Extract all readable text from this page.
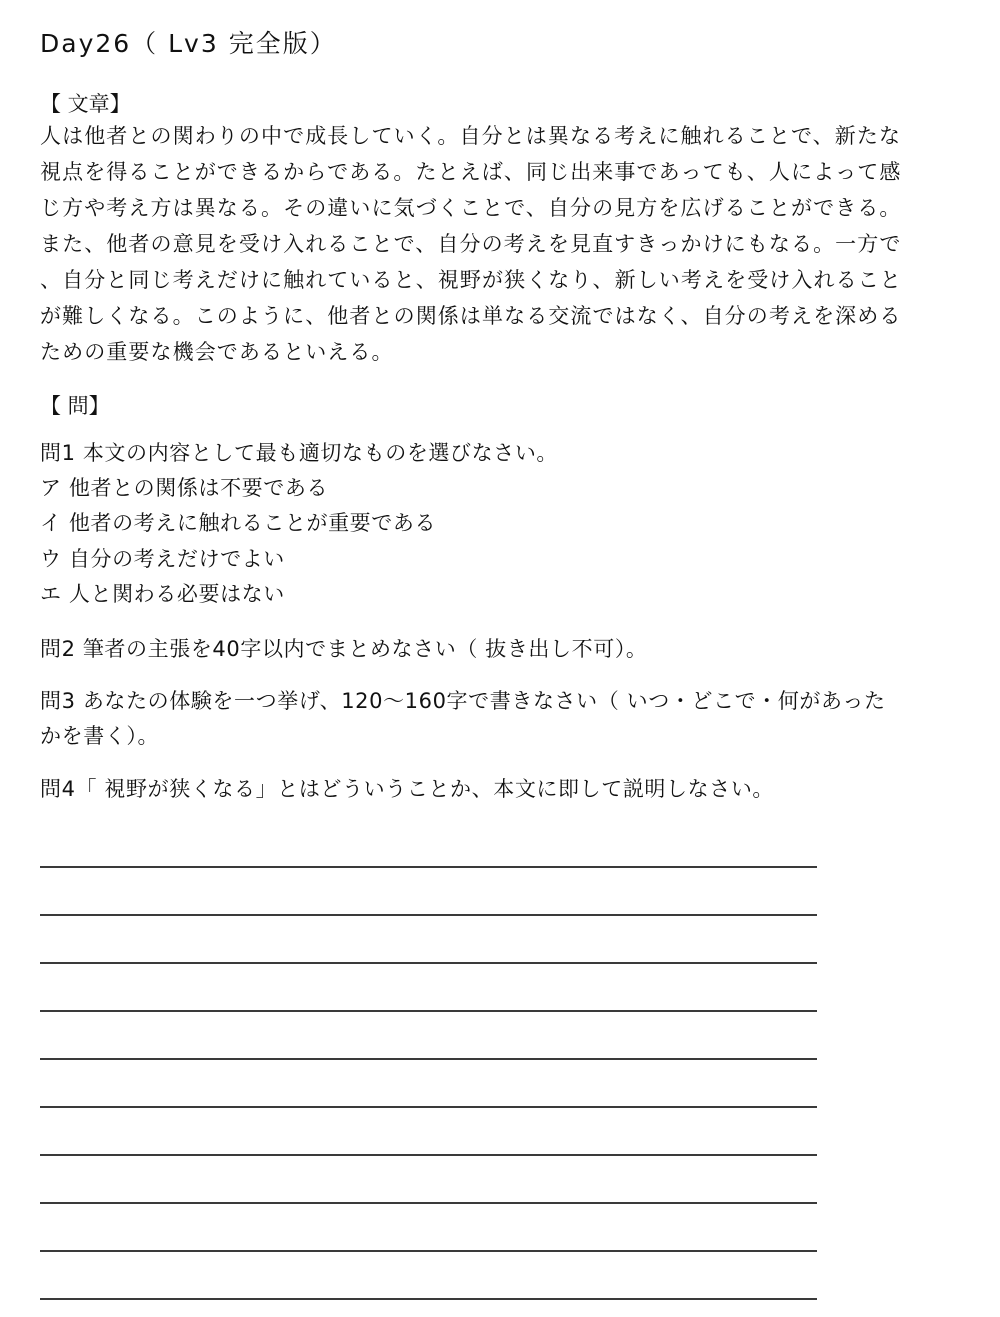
Day26（ Lv3 完全版）
【 文章】
人は他者との関わりの中で成長していく。自分とは異なる考えに触れることで、新たな
視点を得ることができるからである。たとえば、同じ出来事であっても、人によって感
じ方や考え方は異なる。その違いに気づくことで、自分の見方を広げることができる。
また、他者の意見を受け入れることで、自分の考えを見直すきっかけにもなる。一方で
、自分と同じ考えだけに触れていると、視野が狭くなり、新しい考えを受け入れること
が難しくなる。このように、他者との関係は単なる交流ではなく、自分の考えを深める
ための重要な機会であるといえる。
【 問】
問1 本文の内容として最も適切なものを選びなさい。
ア 他者との関係は不要である
イ 他者の考えに触れることが重要である
ウ 自分の考えだけでよい
エ 人と関わる必要はない
問2 筆者の主張を40字以内でまとめなさい（ 抜き出し不可）。
問3 あなたの体験を一つ挙げ、120～160字で書きなさい（ いつ・どこで・何があった
かを書く）。
問4「 視野が狭くなる」とはどういうことか、本文に即して説明しなさい。
